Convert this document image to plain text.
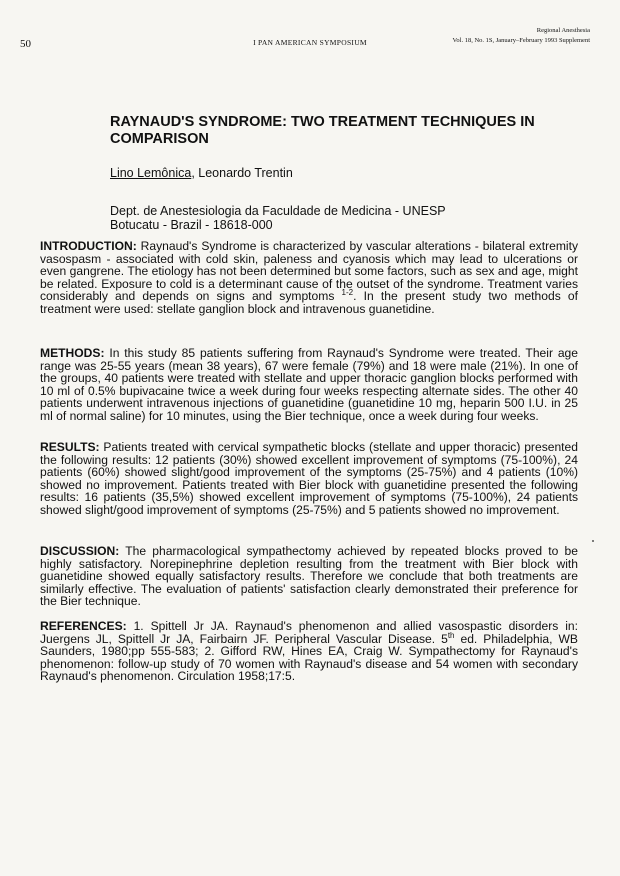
50	I PAN AMERICAN SYMPOSIUM
Regional Anesthesia
Vol. 18, No. 1S, January–February 1993 Supplement
RAYNAUD'S SYNDROME: TWO TREATMENT TECHNIQUES IN COMPARISON
Lino Lemônica, Leonardo Trentin
Dept. de Anestesiologia da Faculdade de Medicina - UNESP
Botucatu - Brazil - 18618-000
INTRODUCTION: Raynaud's Syndrome is characterized by vascular alterations - bilateral extremity vasospasm - associated with cold skin, paleness and cyanosis which may lead to ulcerations or even gangrene. The etiology has not been determined but some factors, such as sex and age, might be related. Exposure to cold is a determinant cause of the outset of the syndrome. Treatment varies considerably and depends on signs and symptoms $^{1-2}$. In the present study two methods of treatment were used: stellate ganglion block and intravenous guanetidine.
METHODS: In this study 85 patients suffering from Raynaud's Syndrome were treated. Their age range was 25-55 years (mean 38 years), 67 were female (79%) and 18 were male (21%). In one of the groups, 40 patients were treated with stellate and upper thoracic ganglion blocks performed with 10 ml of 0.5% bupivacaine twice a week during four weeks respecting alternate sides. The other 40 patients underwent intravenous injections of guanetidine (guanetidine 10 mg, heparin 500 I.U. in 25 ml of normal saline) for 10 minutes, using the Bier technique, once a week during four weeks.
RESULTS: Patients treated with cervical sympathetic blocks (stellate and upper thoracic) presented the following results: 12 patients (30%) showed excellent improvement of symptoms (75-100%), 24 patients (60%) showed slight/good improvement of the symptoms (25-75%) and 4 patients (10%) showed no improvement. Patients treated with Bier block with guanetidine presented the following results: 16 patients (35,5%) showed excellent improvement of symptoms (75-100%), 24 patients showed slight/good improvement of symptoms (25-75%) and 5 patients showed no improvement.
DISCUSSION: The pharmacological sympathectomy achieved by repeated blocks proved to be highly satisfactory. Norepinephrine depletion resulting from the treatment with Bier block with guanetidine showed equally satisfactory results. Therefore we conclude that both treatments are similarly effective. The evaluation of patients' satisfaction clearly demonstrated their preference for the Bier technique.
REFERENCES: 1. Spittell Jr JA. Raynaud's phenomenon and allied vasospastic disorders in: Juergens JL, Spittell Jr JA, Fairbairn JF. Peripheral Vascular Disease. 5th ed. Philadelphia, WB Saunders, 1980;pp 555-583; 2. Gifford RW, Hines EA, Craig W. Sympathectomy for Raynaud's phenomenon: follow-up study of 70 women with Raynaud's disease and 54 women with secondary Raynaud's phenomenon. Circulation 1958;17:5.
